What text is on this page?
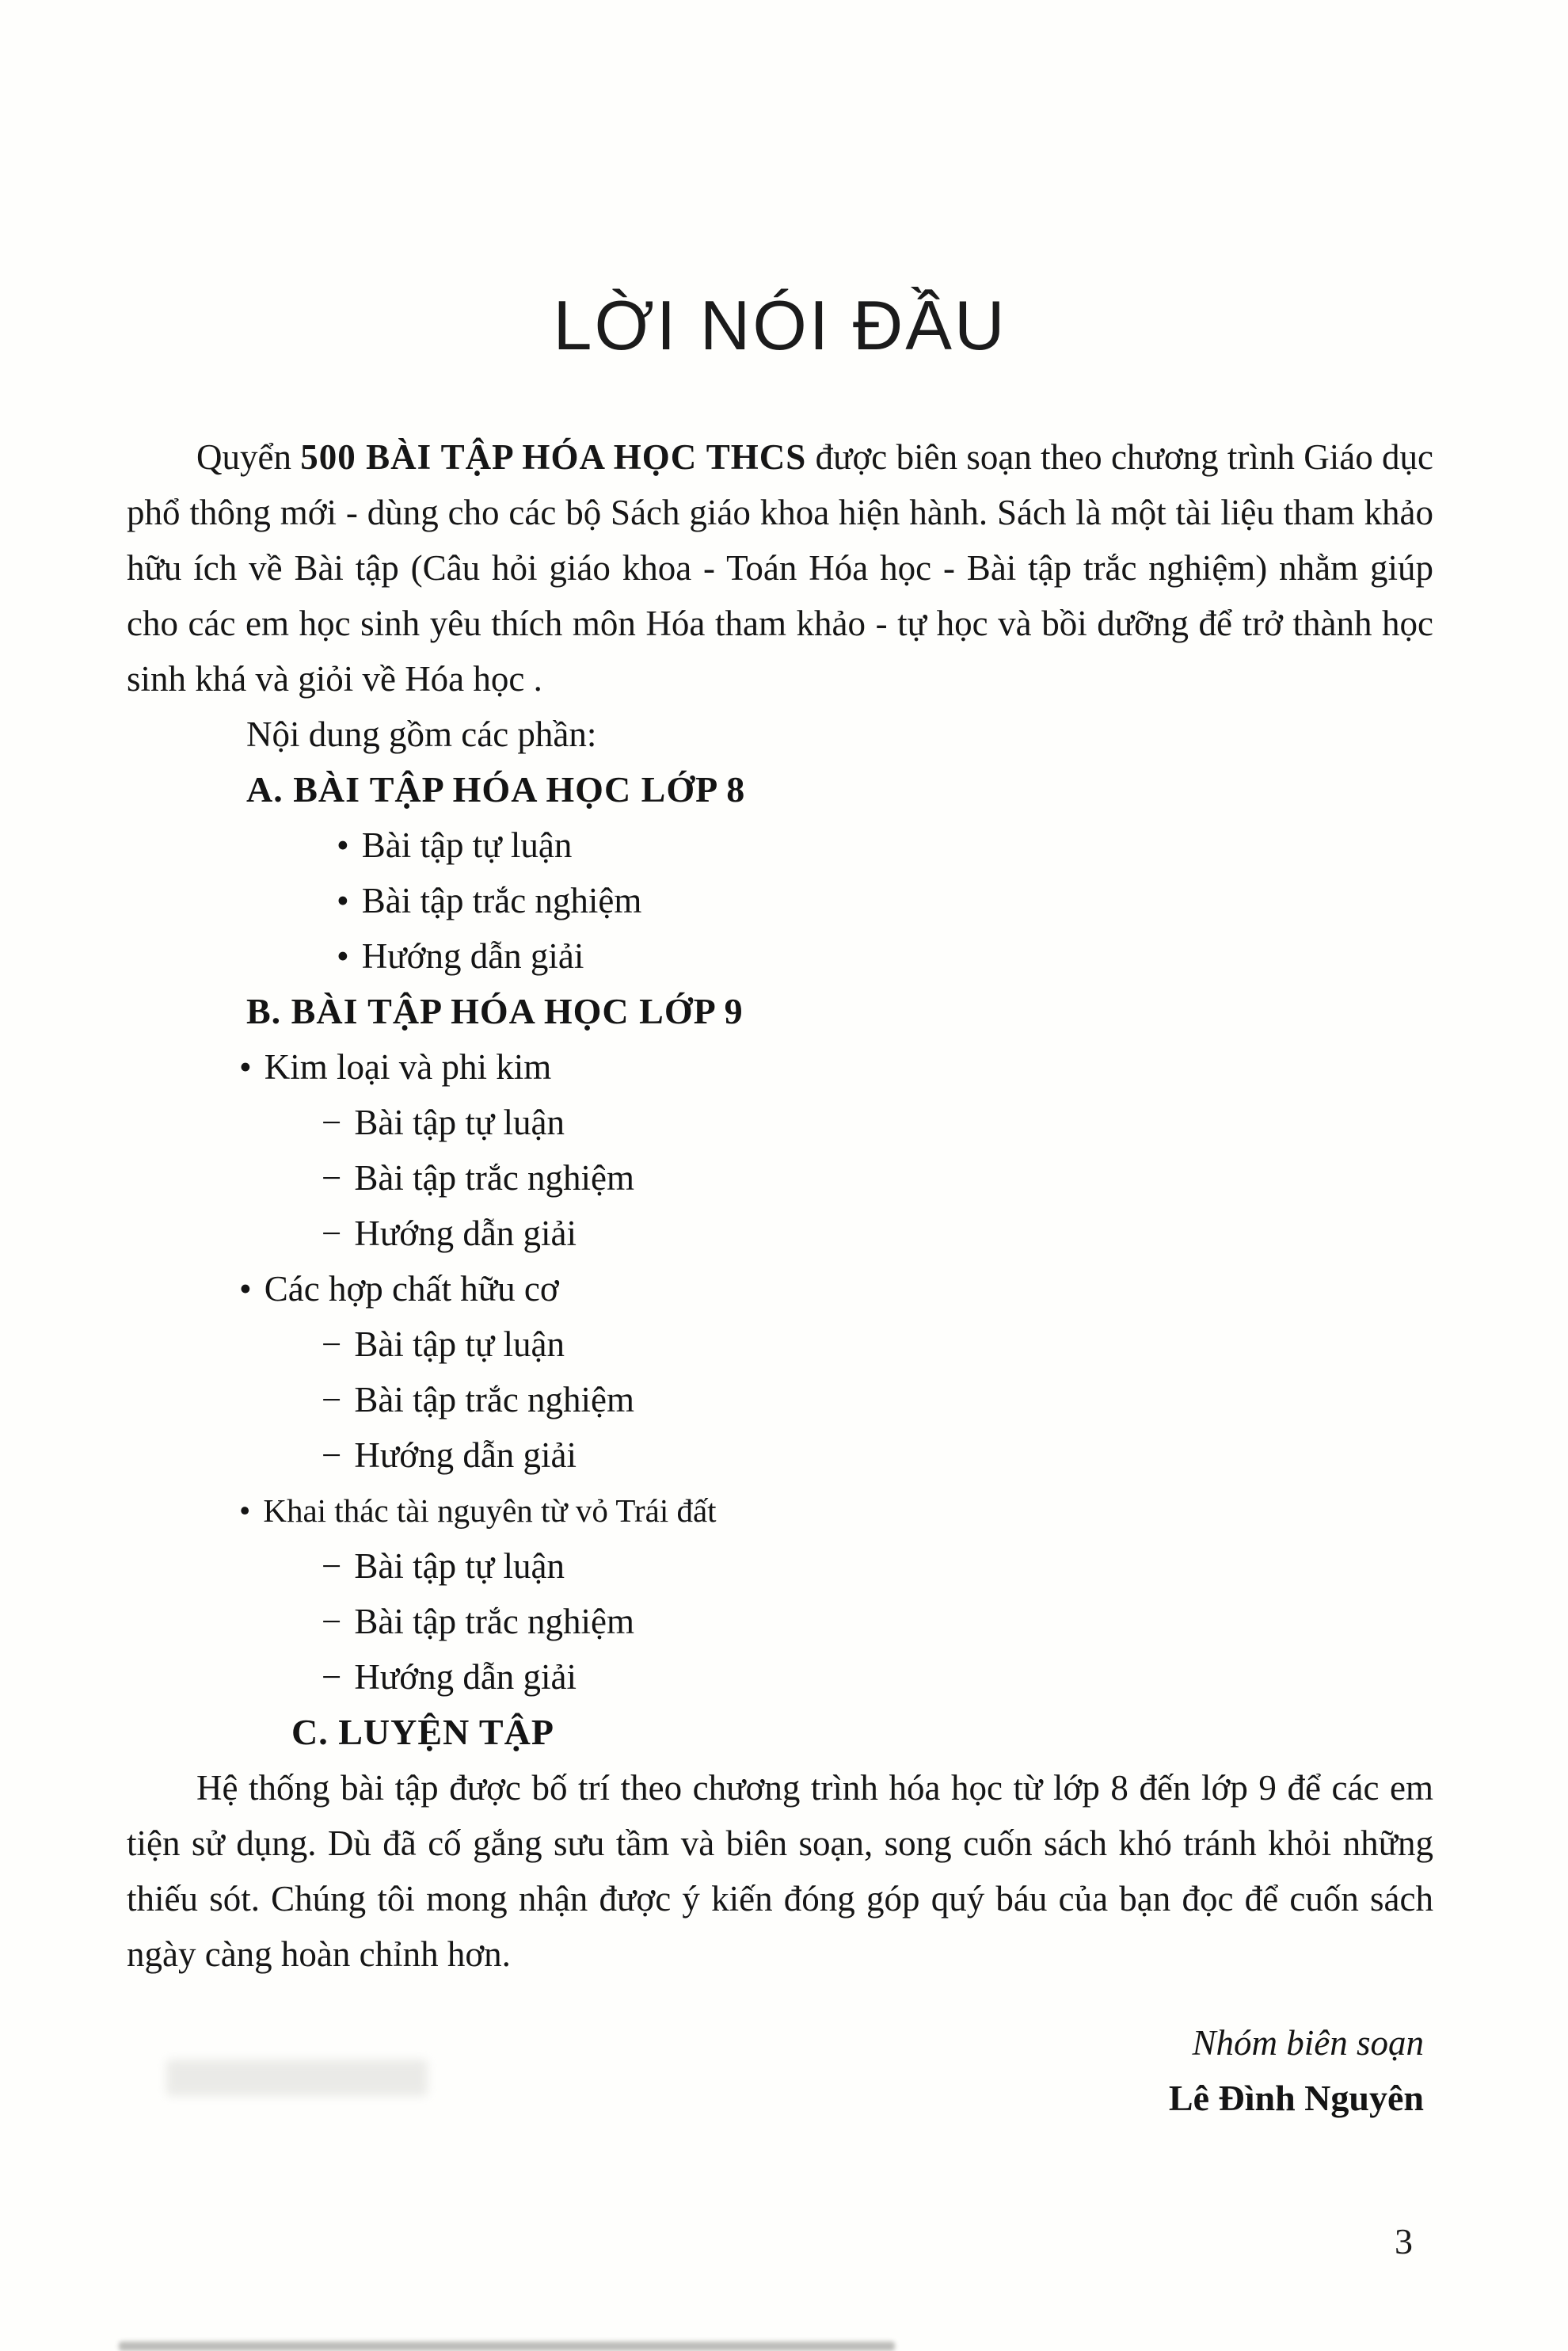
LỜI NÓI ĐẦU

Quyển 500 BÀI TẬP HÓA HỌC THCS được biên soạn theo chương trình Giáo dục phổ thông mới - dùng cho các bộ Sách giáo khoa hiện hành. Sách là một tài liệu tham khảo hữu ích về Bài tập (Câu hỏi giáo khoa - Toán Hóa học - Bài tập trắc nghiệm) nhằm giúp cho các em học sinh yêu thích môn Hóa tham khảo - tự học và bồi dưỡng để trở thành học sinh khá và giỏi về Hóa học .

Nội dung gồm các phần:

A. BÀI TẬP HÓA HỌC LỚP 8
• Bài tập tự luận
• Bài tập trắc nghiệm
• Hướng dẫn giải
B. BÀI TẬP HÓA HỌC LỚP 9
• Kim loại và phi kim
− Bài tập tự luận
− Bài tập trắc nghiệm
− Hướng dẫn giải
• Các hợp chất hữu cơ
− Bài tập tự luận
− Bài tập trắc nghiệm
− Hướng dẫn giải
• Khai thác tài nguyên từ vỏ Trái đất
− Bài tập tự luận
− Bài tập trắc nghiệm
− Hướng dẫn giải
C. LUYỆN TẬP

Hệ thống bài tập được bố trí theo chương trình hóa học từ lớp 8 đến lớp 9 để các em tiện sử dụng. Dù đã cố gắng sưu tầm và biên soạn, song cuốn sách khó tránh khỏi những thiếu sót. Chúng tôi mong nhận được ý kiến đóng góp quý báu của bạn đọc để cuốn sách ngày càng hoàn chỉnh hơn.

Nhóm biên soạn
Lê Đình Nguyên
3
